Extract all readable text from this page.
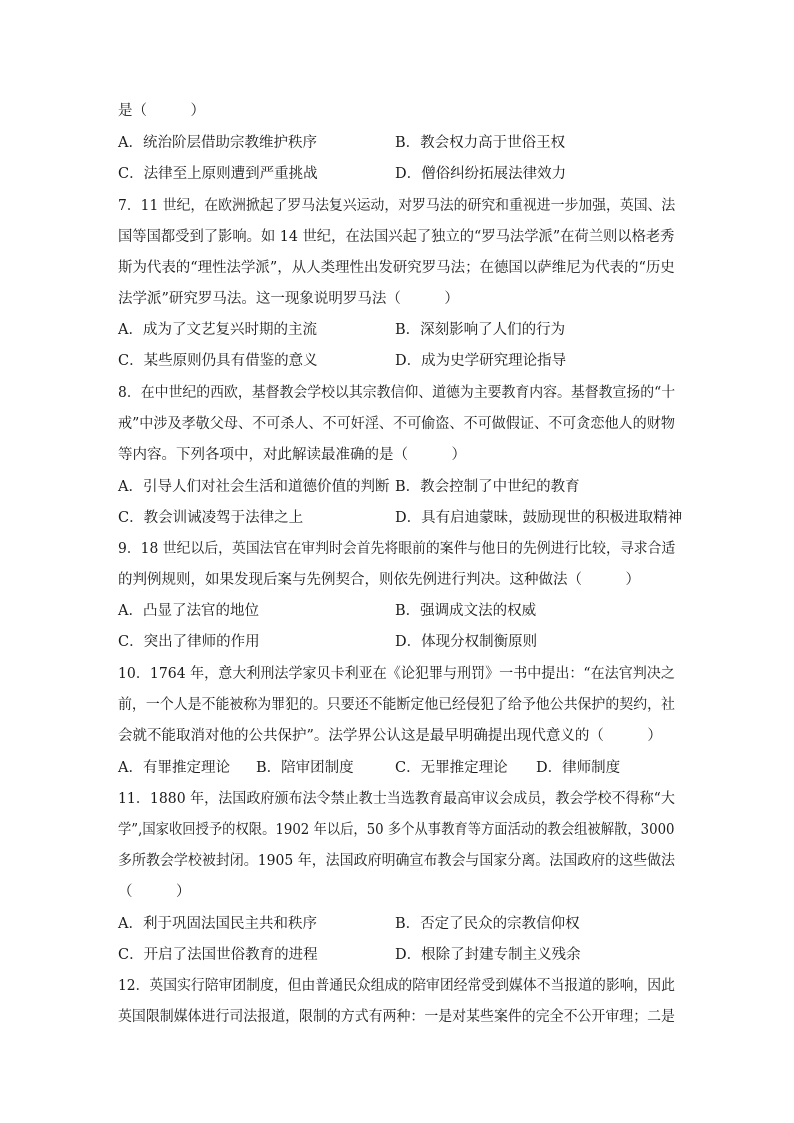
是（　　　）
A．统治阶层借助宗教维护秩序	B．教会权力高于世俗王权
C．法律至上原则遭到严重挑战	D．僧俗纠纷拓展法律效力
7．11 世纪，在欧洲掀起了罗马法复兴运动，对罗马法的研究和重视进一步加强，英国、法
国等国都受到了影响。如 14 世纪，在法国兴起了独立的“罗马法学派”在荷兰则以格老秀
斯为代表的“理性法学派”，从人类理性出发研究罗马法；在德国以萨维尼为代表的“历史
法学派”研究罗马法。这一现象说明罗马法（　　　）
A．成为了文艺复兴时期的主流	B．深刻影响了人们的行为
C．某些原则仍具有借鉴的意义	D．成为史学研究理论指导
8．在中世纪的西欧，基督教会学校以其宗教信仰、道德为主要教育内容。基督教宣扬的“十
戒”中涉及孝敬父母、不可杀人、不可奸淫、不可偷盗、不可做假证、不可贪恋他人的财物
等内容。下列各项中，对此解读最准确的是（　　　）
A．引导人们对社会生活和道德价值的判断 B．教会控制了中世纪的教育
C．教会训诫凌驾于法律之上	D．具有启迪蒙昧，鼓励现世的积极进取精神
9．18 世纪以后，英国法官在审判时会首先将眼前的案件与他日的先例进行比较，寻求合适
的判例规则，如果发现后案与先例契合，则依先例进行判决。这种做法（　　　）
A．凸显了法官的地位	B．强调成文法的权威
C．突出了律师的作用	D．体现分权制衡原则
10．1764 年，意大利刑法学家贝卡利亚在《论犯罪与刑罚》一书中提出：“在法官判决之
前，一个人是不能被称为罪犯的。只要还不能断定他已经侵犯了给予他公共保护的契约，社
会就不能取消对他的公共保护”。法学界公认这是最早明确提出现代意义的（　　　）
A．有罪推定理论 B．陪审团制度	C．无罪推定理论 D．律师制度
11．1880 年，法国政府颁布法令禁止教士当选教育最高审议会成员，教会学校不得称“大
学”,国家收回授予的权限。1902 年以后，50 多个从事教育等方面活动的教会组被解散，3000
多所教会学校被封闭。1905 年，法国政府明确宣布教会与国家分离。法国政府的这些做法
（　　　）
A．利于巩固法国民主共和秩序	B．否定了民众的宗教信仰权
C．开启了法国世俗教育的进程	D．根除了封建专制主义残余
12．英国实行陪审团制度，但由普通民众组成的陪审团经常受到媒体不当报道的影响，因此
英国限制媒体进行司法报道，限制的方式有两种：一是对某些案件的完全不公开审理；二是
